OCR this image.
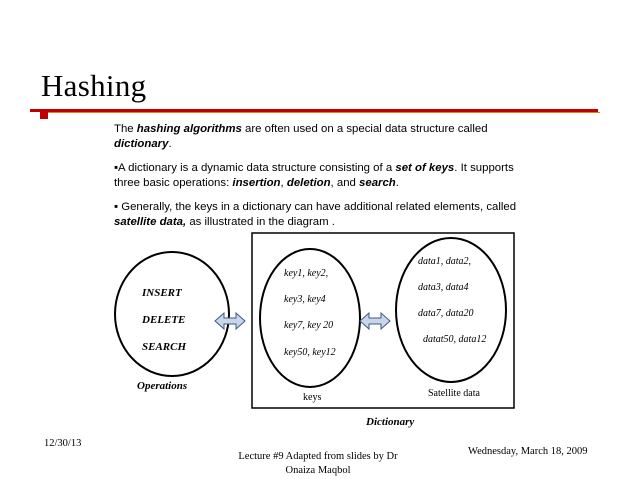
Hashing

The hashing algorithms are often used on a special data structure called dictionary.

▪A dictionary is a dynamic data structure consisting of a set of keys. It supports three basic operations: insertion, deletion, and search.

▪ Generally, the keys in a dictionary can have additional related elements, called satellite data, as illustrated in the diagram .

INSERT
DELETE
SEARCH
Operations
key1, key2,
key3, key4
key7, key 20
key50, key12
keys
data1, data2,
data3, data4
data7, data20
datat50, data12
Satellite data
Dictionary
12/30/13
Lecture #9 Adapted from slides by Dr Onaiza Maqbol
Wednesday, March 18, 2009
